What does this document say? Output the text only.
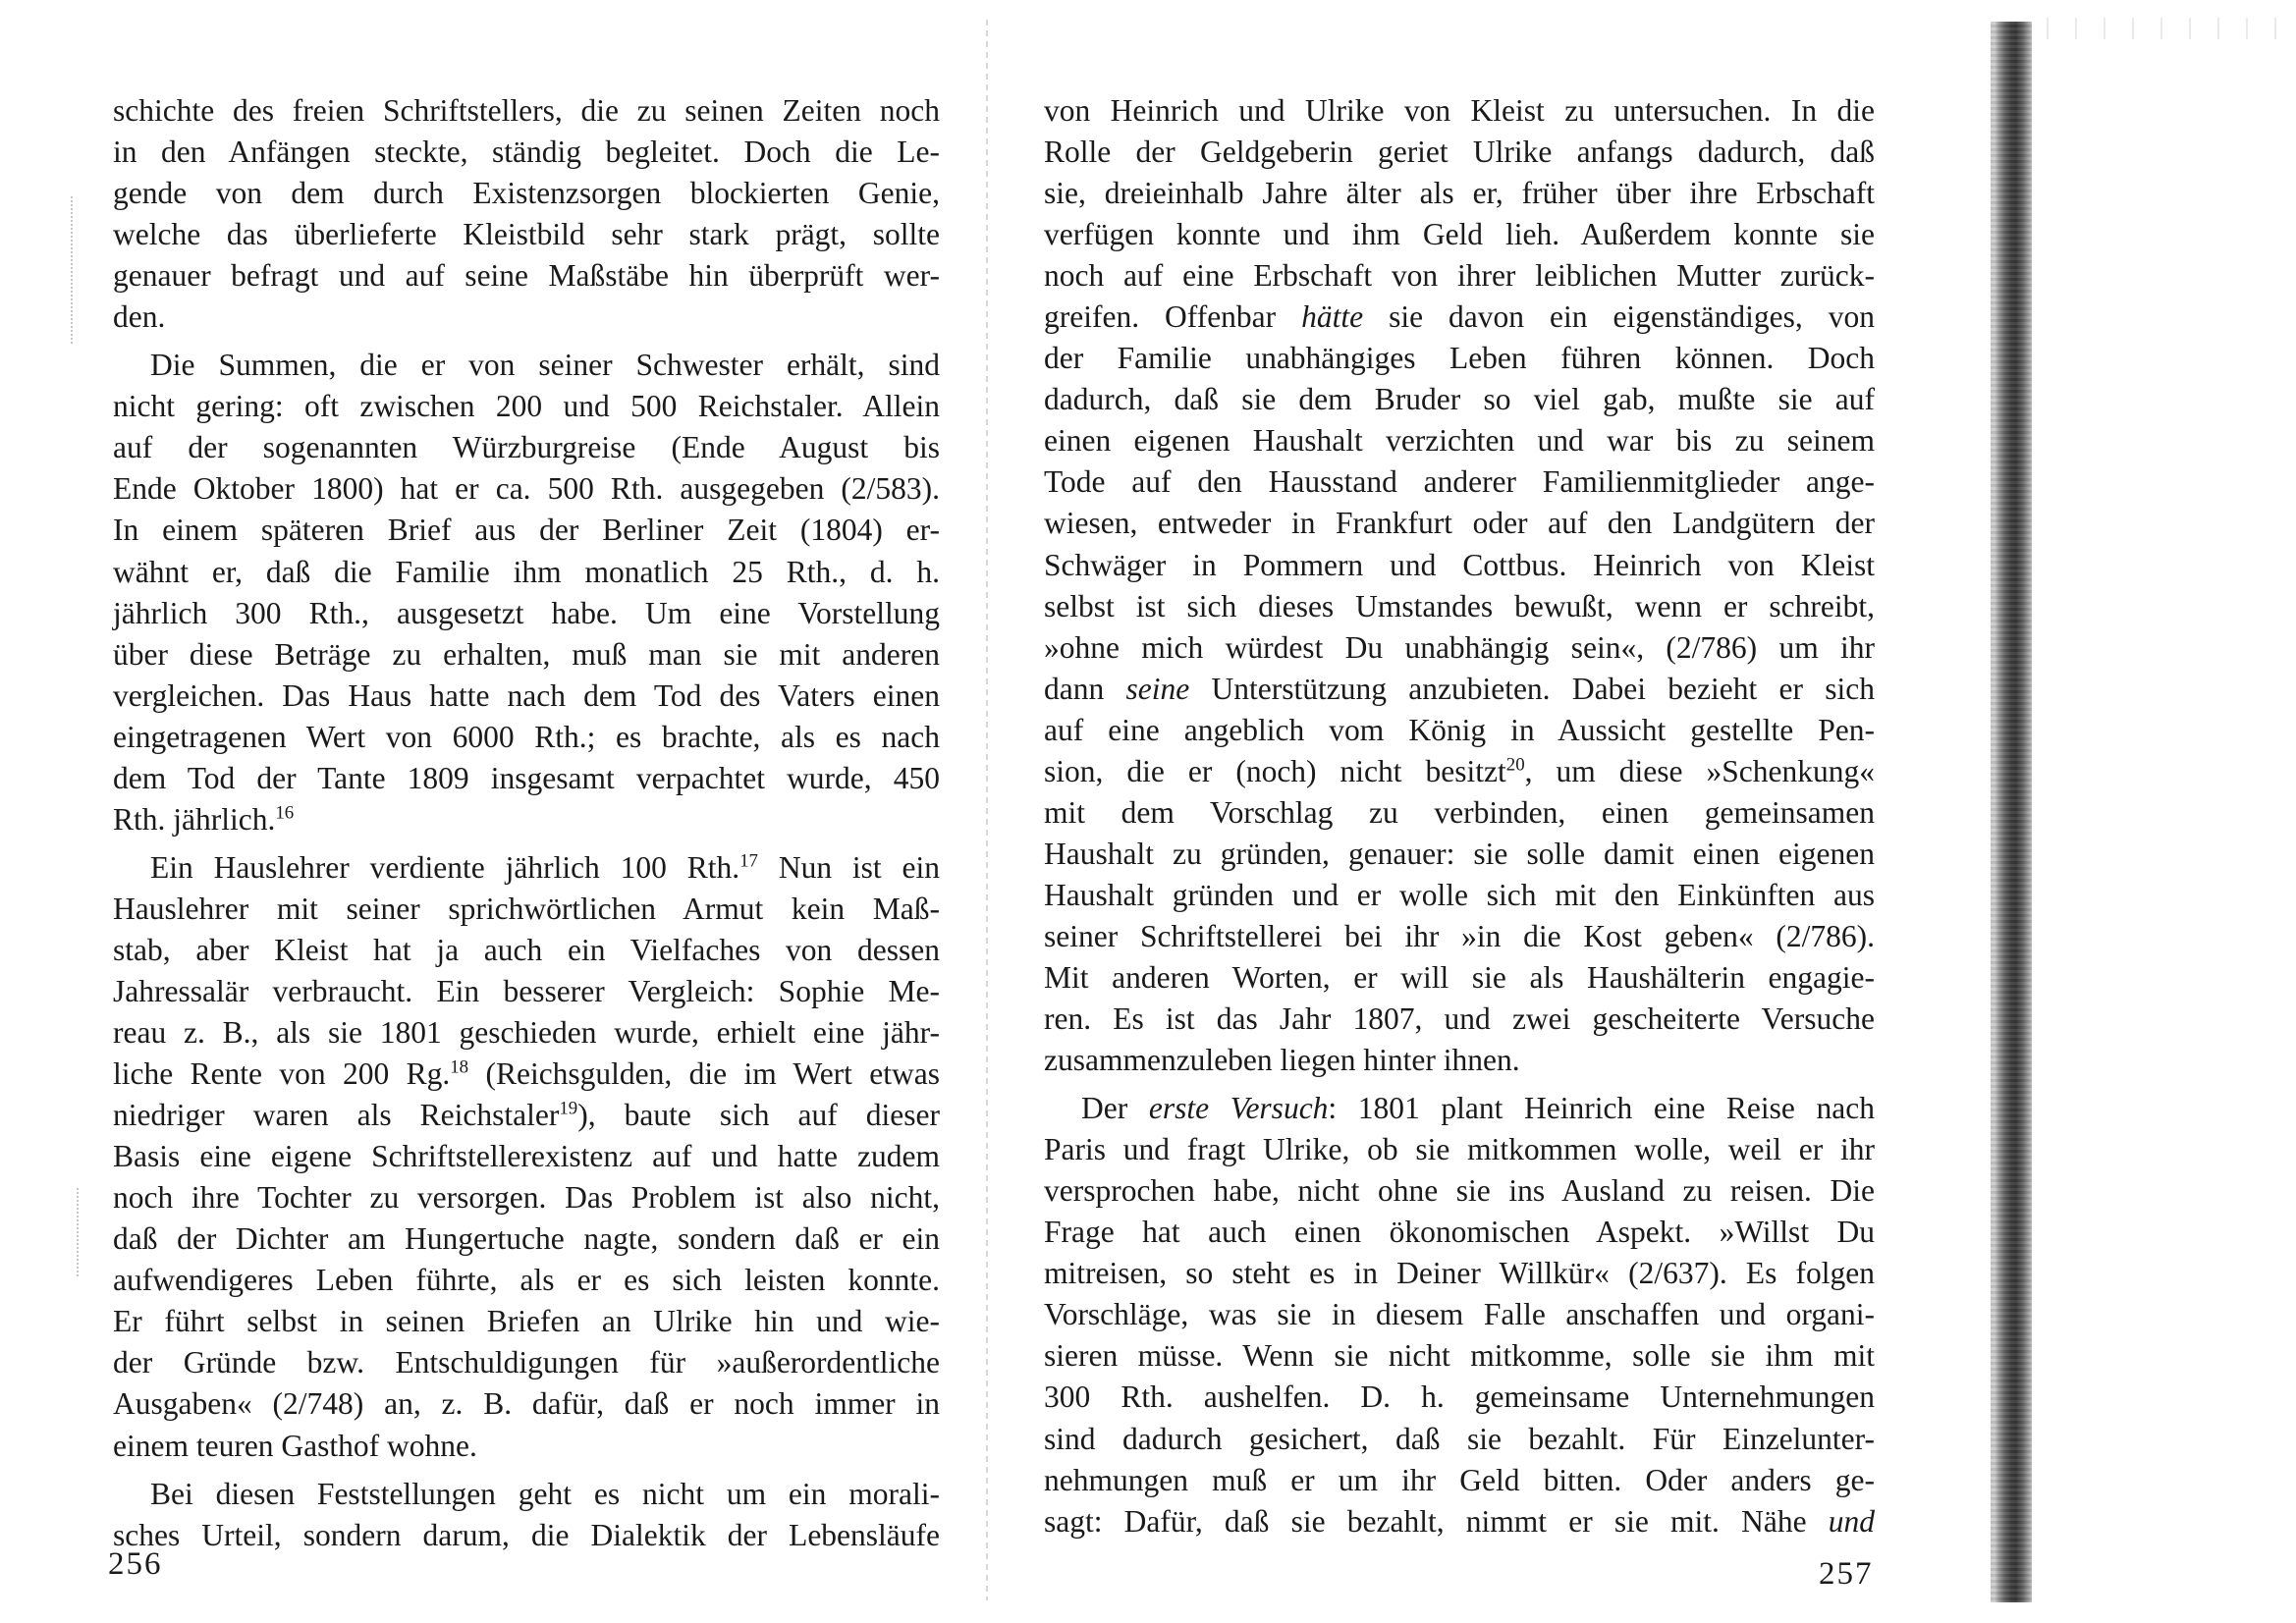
schichte des freien Schriftstellers, die zu seinen Zeiten noch
in den Anfängen steckte, ständig begleitet. Doch die Le-
gende von dem durch Existenzsorgen blockierten Genie,
welche das überlieferte Kleistbild sehr stark prägt, sollte
genauer befragt und auf seine Maßstäbe hin überprüft wer-
den.
Die Summen, die er von seiner Schwester erhält, sind
nicht gering: oft zwischen 200 und 500 Reichstaler. Allein
auf der sogenannten Würzburgreise (Ende August bis
Ende Oktober 1800) hat er ca. 500 Rth. ausgegeben (2/583).
In einem späteren Brief aus der Berliner Zeit (1804) er-
wähnt er, daß die Familie ihm monatlich 25 Rth., d. h.
jährlich 300 Rth., ausgesetzt habe. Um eine Vorstellung
über diese Beträge zu erhalten, muß man sie mit anderen
vergleichen. Das Haus hatte nach dem Tod des Vaters einen
eingetragenen Wert von 6000 Rth.; es brachte, als es nach
dem Tod der Tante 1809 insgesamt verpachtet wurde, 450
Rth. jährlich.$^{16}$
Ein Hauslehrer verdiente jährlich 100 Rth.$^{17}$ Nun ist ein
Hauslehrer mit seiner sprichwörtlichen Armut kein Maß-
stab, aber Kleist hat ja auch ein Vielfaches von dessen
Jahressalär verbraucht. Ein besserer Vergleich: Sophie Me-
reau z. B., als sie 1801 geschieden wurde, erhielt eine jähr-
liche Rente von 200 Rg.$^{18}$ (Reichsgulden, die im Wert etwas
niedriger waren als Reichstaler$^{19}$), baute sich auf dieser
Basis eine eigene Schriftstellerexistenz auf und hatte zudem
noch ihre Tochter zu versorgen. Das Problem ist also nicht,
daß der Dichter am Hungertuche nagte, sondern daß er ein
aufwendigeres Leben führte, als er es sich leisten konnte.
Er führt selbst in seinen Briefen an Ulrike hin und wie-
der Gründe bzw. Entschuldigungen für »außerordentliche
Ausgaben« (2/748) an, z. B. dafür, daß er noch immer in
einem teuren Gasthof wohne.
Bei diesen Feststellungen geht es nicht um ein morali-
sches Urteil, sondern darum, die Dialektik der Lebensläufe
256
von Heinrich und Ulrike von Kleist zu untersuchen. In die
Rolle der Geldgeberin geriet Ulrike anfangs dadurch, daß
sie, dreieinhalb Jahre älter als er, früher über ihre Erbschaft
verfügen konnte und ihm Geld lieh. Außerdem konnte sie
noch auf eine Erbschaft von ihrer leiblichen Mutter zurück-
greifen. Offenbar hätte sie davon ein eigenständiges, von
der Familie unabhängiges Leben führen können. Doch
dadurch, daß sie dem Bruder so viel gab, mußte sie auf
einen eigenen Haushalt verzichten und war bis zu seinem
Tode auf den Hausstand anderer Familienmitglieder ange-
wiesen, entweder in Frankfurt oder auf den Landgütern der
Schwäger in Pommern und Cottbus. Heinrich von Kleist
selbst ist sich dieses Umstandes bewußt, wenn er schreibt,
»ohne mich würdest Du unabhängig sein«, (2/786) um ihr
dann seine Unterstützung anzubieten. Dabei bezieht er sich
auf eine angeblich vom König in Aussicht gestellte Pen-
sion, die er (noch) nicht besitzt$^{20}$, um diese »Schenkung«
mit dem Vorschlag zu verbinden, einen gemeinsamen
Haushalt zu gründen, genauer: sie solle damit einen eigenen
Haushalt gründen und er wolle sich mit den Einkünften aus
seiner Schriftstellerei bei ihr »in die Kost geben« (2/786).
Mit anderen Worten, er will sie als Haushälterin engagie-
ren. Es ist das Jahr 1807, und zwei gescheiterte Versuche
zusammenzuleben liegen hinter ihnen.
Der erste Versuch: 1801 plant Heinrich eine Reise nach
Paris und fragt Ulrike, ob sie mitkommen wolle, weil er ihr
versprochen habe, nicht ohne sie ins Ausland zu reisen. Die
Frage hat auch einen ökonomischen Aspekt. »Willst Du
mitreisen, so steht es in Deiner Willkür« (2/637). Es folgen
Vorschläge, was sie in diesem Falle anschaffen und organi-
sieren müsse. Wenn sie nicht mitkomme, solle sie ihm mit
300 Rth. aushelfen. D. h. gemeinsame Unternehmungen
sind dadurch gesichert, daß sie bezahlt. Für Einzelunter-
nehmungen muß er um ihr Geld bitten. Oder anders ge-
sagt: Dafür, daß sie bezahlt, nimmt er sie mit. Nähe und
257
